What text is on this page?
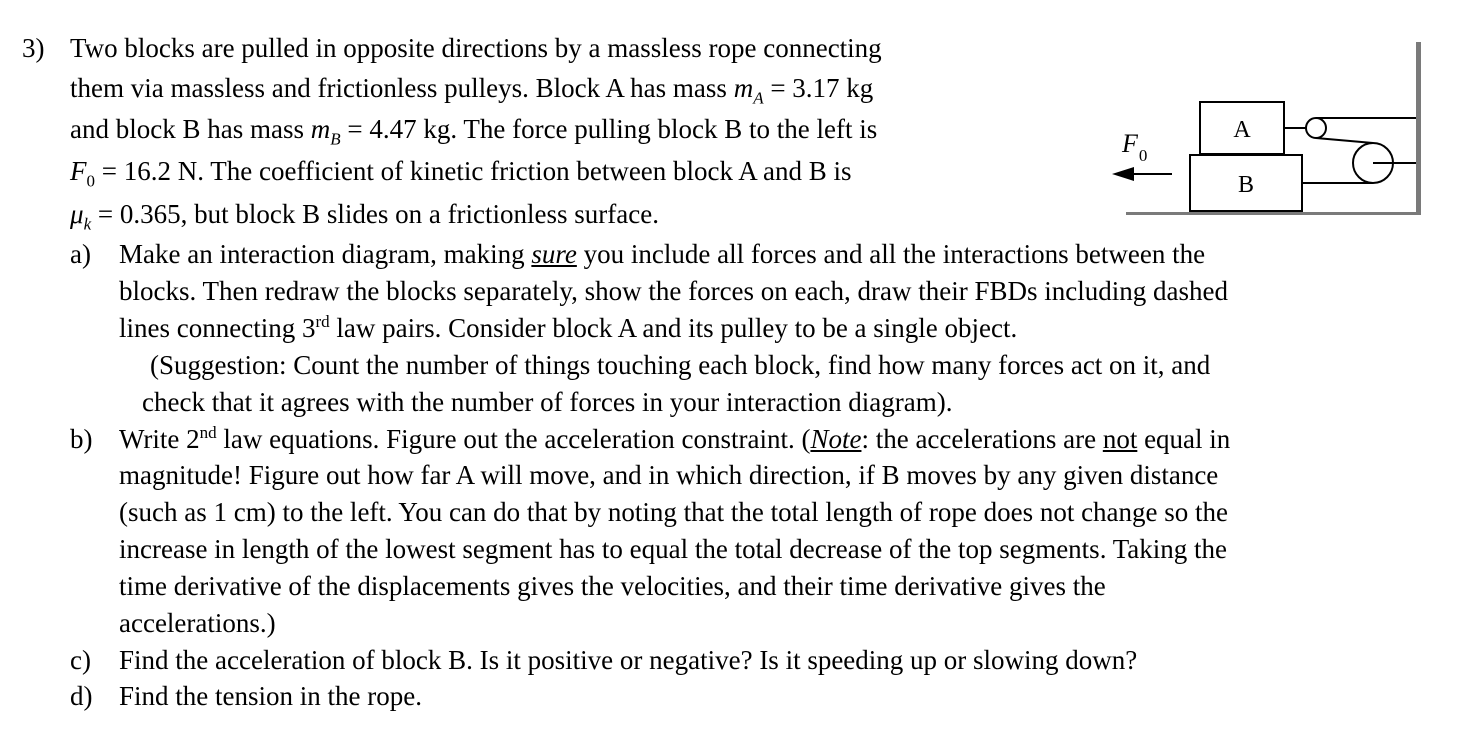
3) Two blocks are pulled in opposite directions by a massless rope connecting
them via massless and frictionless pulleys. Block A has mass $m_A = 3.17$ kg
and block B has mass $m_B = 4.47$ kg. The force pulling block B to the left is
$F_0 = 16.2$ N. The coefficient of kinetic friction between block A and B is
$\mu_k = 0.365$, but block B slides on a frictionless surface.
a) Make an interaction diagram, making sure you include all forces and all the interactions between the
blocks. Then redraw the blocks separately, show the forces on each, draw their FBDs including dashed
lines connecting 3rd law pairs. Consider block A and its pulley to be a single object.
(Suggestion: Count the number of things touching each block, find how many forces act on it, and
check that it agrees with the number of forces in your interaction diagram).
b) Write 2nd law equations. Figure out the acceleration constraint. (Note: the accelerations are not equal in
magnitude! Figure out how far A will move, and in which direction, if B moves by any given distance
(such as 1 cm) to the left. You can do that by noting that the total length of rope does not change so the
increase in length of the lowest segment has to equal the total decrease of the top segments. Taking the
time derivative of the displacements gives the velocities, and their time derivative gives the
accelerations.)
c) Find the acceleration of block B. Is it positive or negative? Is it speeding up or slowing down?
d) Find the tension in the rope.
A
B
$F_0$
